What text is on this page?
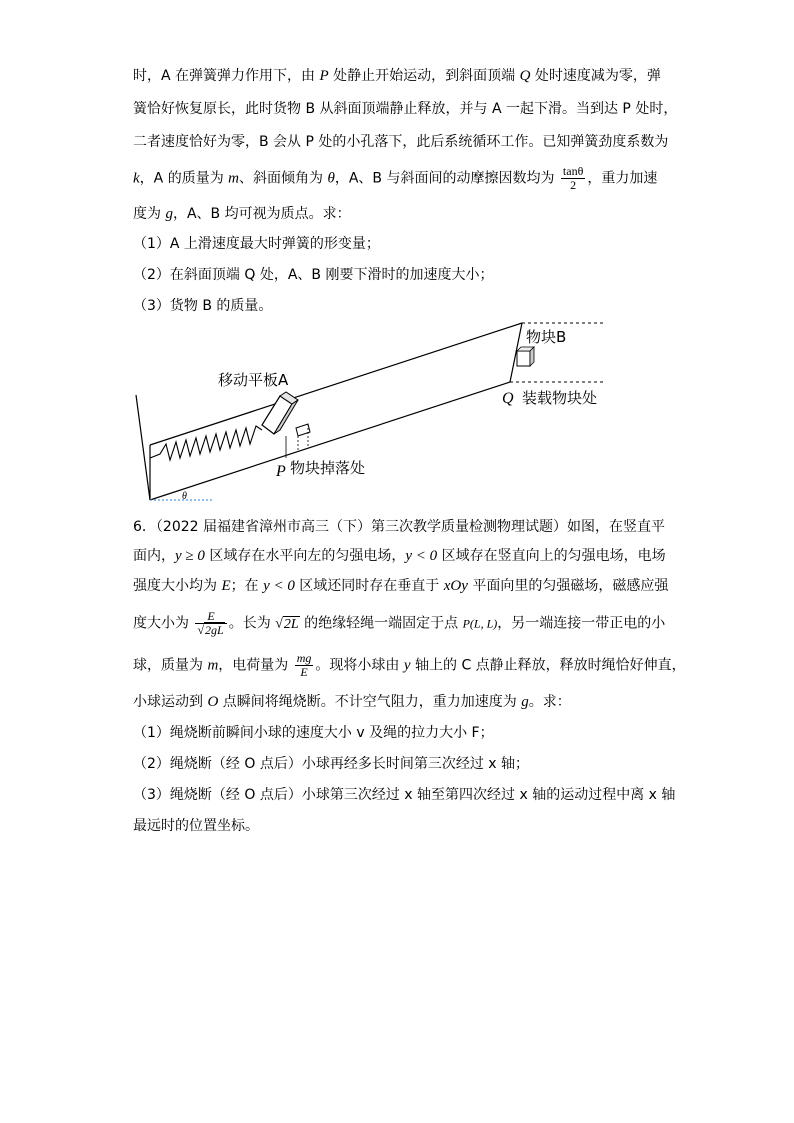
时，A 在弹簧弹力作用下，由 P 处静止开始运动，到斜面顶端 Q 处时速度减为零，弹
簧恰好恢复原长，此时货物 B 从斜面顶端静止释放，并与 A 一起下滑。当到达 P 处时，
二者速度恰好为零，B 会从 P 处的小孔落下，此后系统循环工作。已知弹簧劲度系数为
k，A 的质量为 m、斜面倾角为 θ，A、B 与斜面间的动摩擦因数均为 $\frac{\tan\theta}{2}$ ，重力加速
度为 g，A、B 均可视为质点。求：
（1）A 上滑速度最大时弹簧的形变量；
（2）在斜面顶端 Q 处，A、B 刚要下滑时的加速度大小；
（3）货物 B 的质量。
物块B
移动平板A
Q 装载物块处
P 物块掉落处
θ
6．（2022 届福建省漳州市高三（下）第三次教学质量检测物理试题）如图，在竖直平
面内，y ≥ 0 区域存在水平向左的匀强电场，y < 0 区域存在竖直向上的匀强电场，电场
强度大小均为 E；在 y < 0 区域还同时存在垂直于 xOy 平面向里的匀强磁场，磁感应强
度大小为 $\frac{E}{√2gL}$ 。长为 √2L 的绝缘轻绳一端固定于点 P(L, L)，另一端连接一带正电的小
球，质量为 m，电荷量为 $\frac{mg}{E}$ 。现将小球由 y 轴上的 C 点静止释放，释放时绳恰好伸直，
小球运动到 O 点瞬间将绳烧断。不计空气阻力，重力加速度为 g。求：
（1）绳烧断前瞬间小球的速度大小 v 及绳的拉力大小 F；
（2）绳烧断（经 O 点后）小球再经多长时间第三次经过 x 轴；
（3）绳烧断（经 O 点后）小球第三次经过 x 轴至第四次经过 x 轴的运动过程中离 x 轴
最远时的位置坐标。
